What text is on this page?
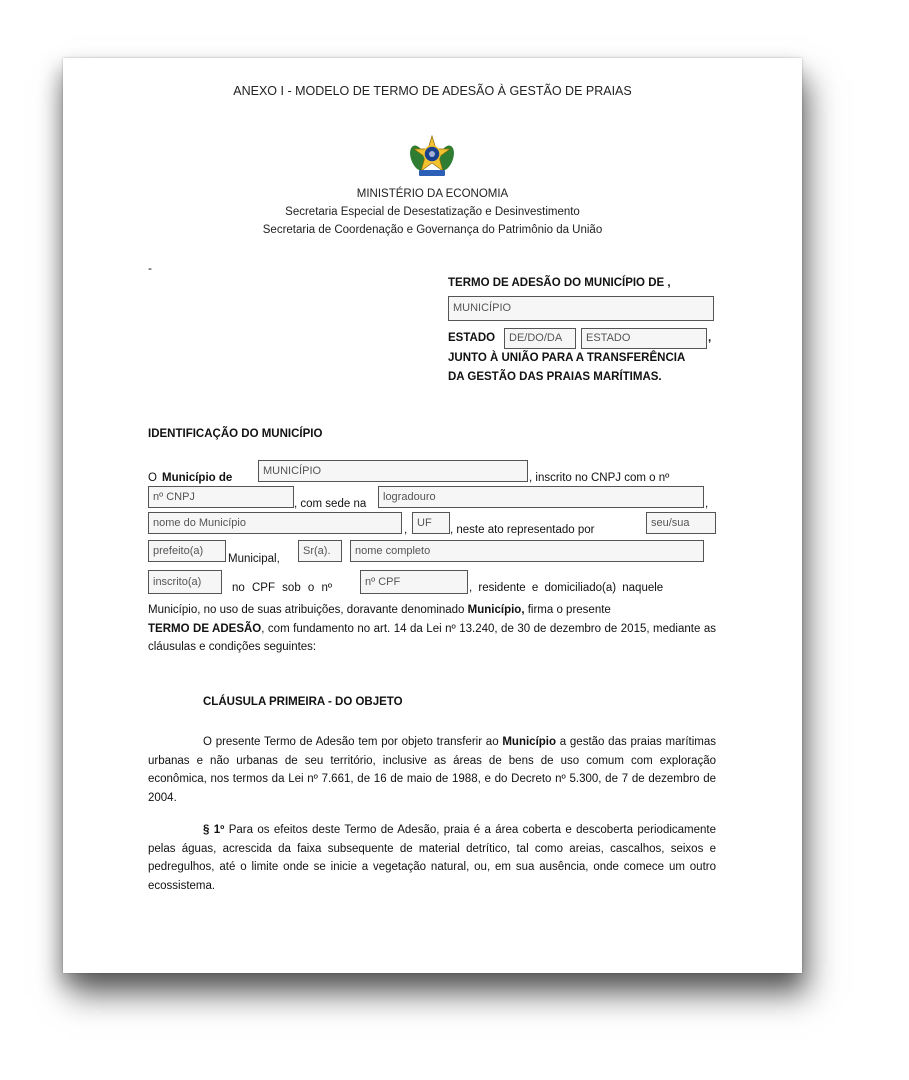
ANEXO I - MODELO DE TERMO DE ADESÃO À GESTÃO DE PRAIAS
MINISTÉRIO DA ECONOMIA
Secretaria Especial de Desestatização e Desinvestimento
Secretaria de Coordenação e Governança do Patrimônio da União
-
TERMO DE ADESÃO DO MUNICÍPIO DE ,
MUNICÍPIO
ESTADO	DE/DO/DA	ESTADO	,
JUNTO À UNIÃO PARA A TRANSFERÊNCIA
DA GESTÃO DAS PRAIAS MARÍTIMAS.
IDENTIFICAÇÃO DO MUNICÍPIO
O Município de
MUNICÍPIO
, inscrito no CNPJ com o nº
nº CNPJ
, com sede na
logradouro
,
nome do Município
,
UF
, neste ato representado por
seu/sua
prefeito(a)
Municipal,
Sr(a).	nome completo
inscrito(a)	no CPF sob o nº	nº CPF	, residente e domiciliado(a) naquele
Município, no uso de suas atribuições, doravante denominado Município, firma o presente
TERMO DE ADESÃO, com fundamento no art. 14 da Lei nº 13.240, de 30 de dezembro de 2015, mediante as cláusulas e condições seguintes:
CLÁUSULA PRIMEIRA - DO OBJETO
O presente Termo de Adesão tem por objeto transferir ao Município a gestão das praias marítimas urbanas e não urbanas de seu território, inclusive as áreas de bens de uso comum com exploração econômica, nos termos da Lei nº 7.661, de 16 de maio de 1988, e do Decreto nº 5.300, de 7 de dezembro de 2004.
§ 1º Para os efeitos deste Termo de Adesão, praia é a área coberta e descoberta periodicamente pelas águas, acrescida da faixa subsequente de material detrítico, tal como areias, cascalhos, seixos e pedregulhos, até o limite onde se inicie a vegetação natural, ou, em sua ausência, onde comece um outro ecossistema.
